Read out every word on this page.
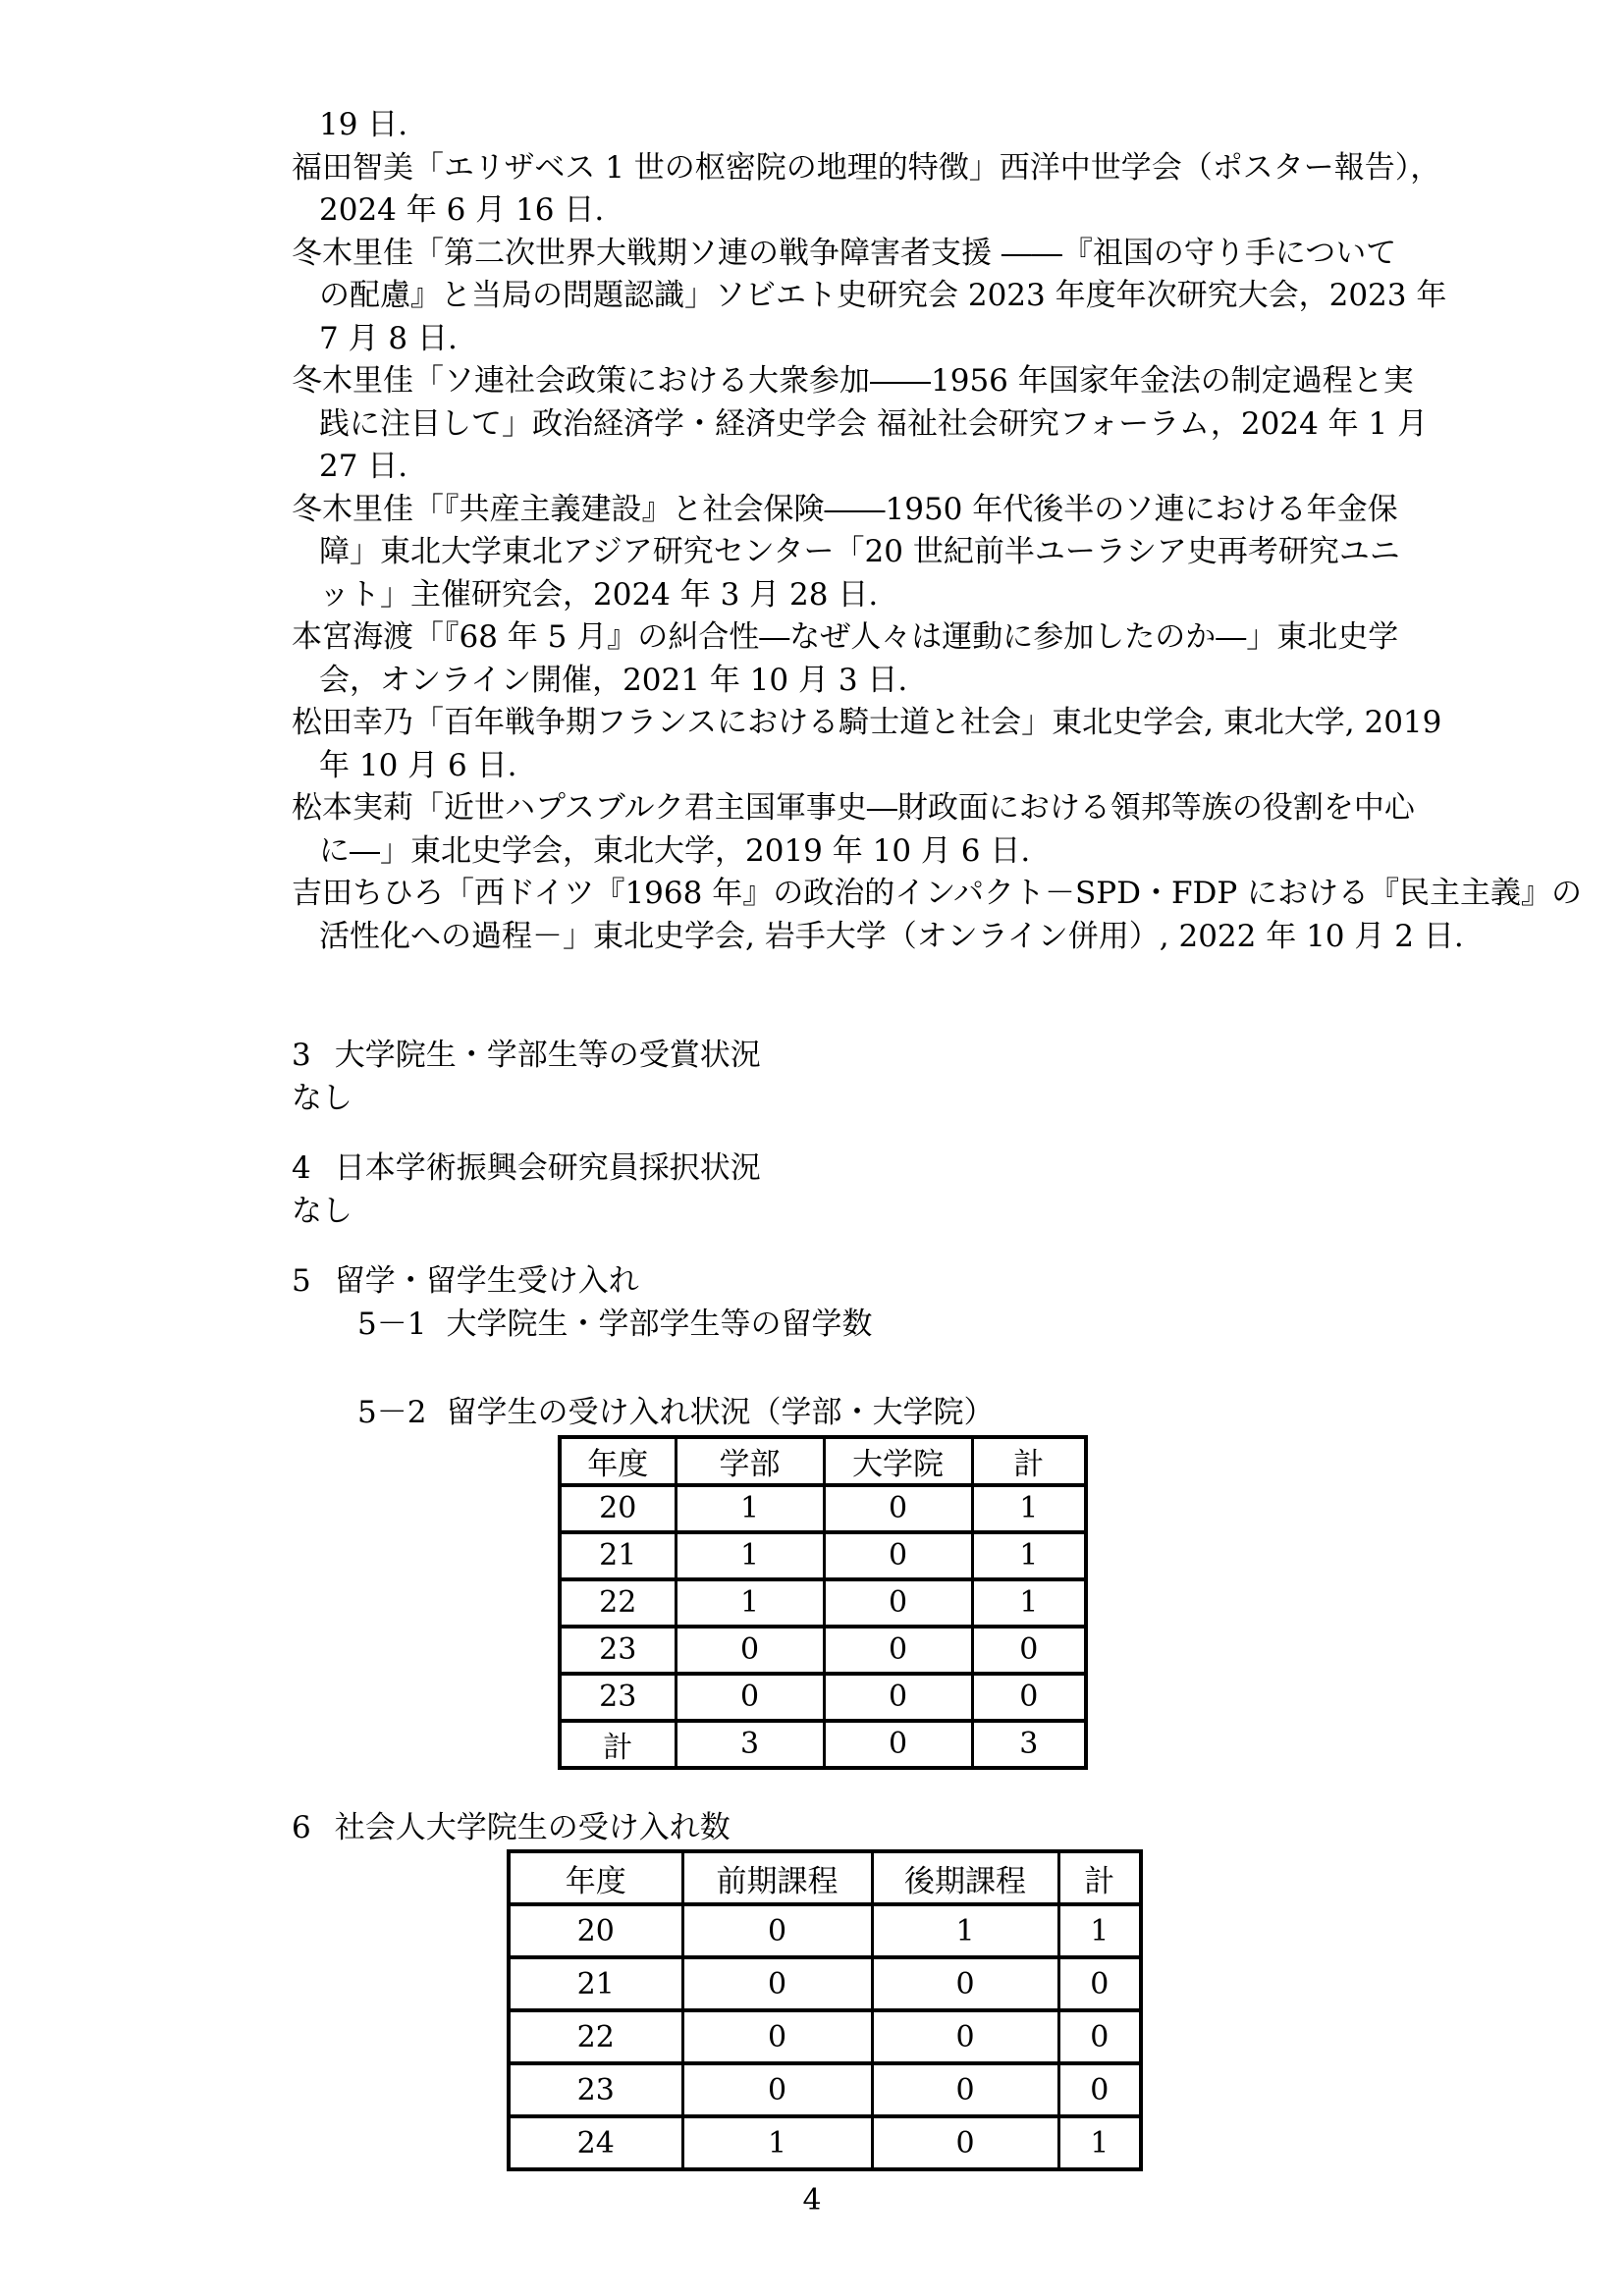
19 日.
福田智美「エリザベス 1 世の枢密院の地理的特徴」西洋中世学会（ポスター報告），
2024 年 6 月 16 日.
冬木里佳「第二次世界大戦期ソ連の戦争障害者支援 ――『祖国の守り手について
の配慮』と当局の問題認識」ソビエト史研究会 2023 年度年次研究大会，2023 年
7 月 8 日.
冬木里佳「ソ連社会政策における大衆参加――1956 年国家年金法の制定過程と実
践に注目して」政治経済学・経済史学会 福祉社会研究フォーラム，2024 年 1 月
27 日.
冬木里佳「『共産主義建設』と社会保険――1950 年代後半のソ連における年金保
障」東北大学東北アジア研究センター「20 世紀前半ユーラシア史再考研究ユニ
ット」主催研究会，2024 年 3 月 28 日.
本宮海渡「『68 年 5 月』の糾合性―なぜ人々は運動に参加したのか―」東北史学
会，オンライン開催，2021 年 10 月 3 日.
松田幸乃「百年戦争期フランスにおける騎士道と社会」東北史学会, 東北大学, 2019
年 10 月 6 日.
松本実莉「近世ハプスブルク君主国軍事史―財政面における領邦等族の役割を中心
に―」東北史学会，東北大学，2019 年 10 月 6 日.
吉田ちひろ「西ドイツ『1968 年』の政治的インパクト－SPD・FDP における『民主主義』の
活性化への過程－」東北史学会, 岩手大学（オンライン併用）, 2022 年 10 月 2 日.
3 大学院生・学部生等の受賞状況
なし
4 日本学術振興会研究員採択状況
なし
5 留学・留学生受け入れ
5－1 大学院生・学部学生等の留学数
5－2 留学生の受け入れ状況（学部・大学院）
年度	学部	大学院	計
20	1	0	1
21	1	0	1
22	1	0	1
23	0	0	0
23	0	0	0
計	3	0	3
6 社会人大学院生の受け入れ数
年度	前期課程	後期課程	計
20	0	1	1
21	0	0	0
22	0	0	0
23	0	0	0
24	1	0	1
4
